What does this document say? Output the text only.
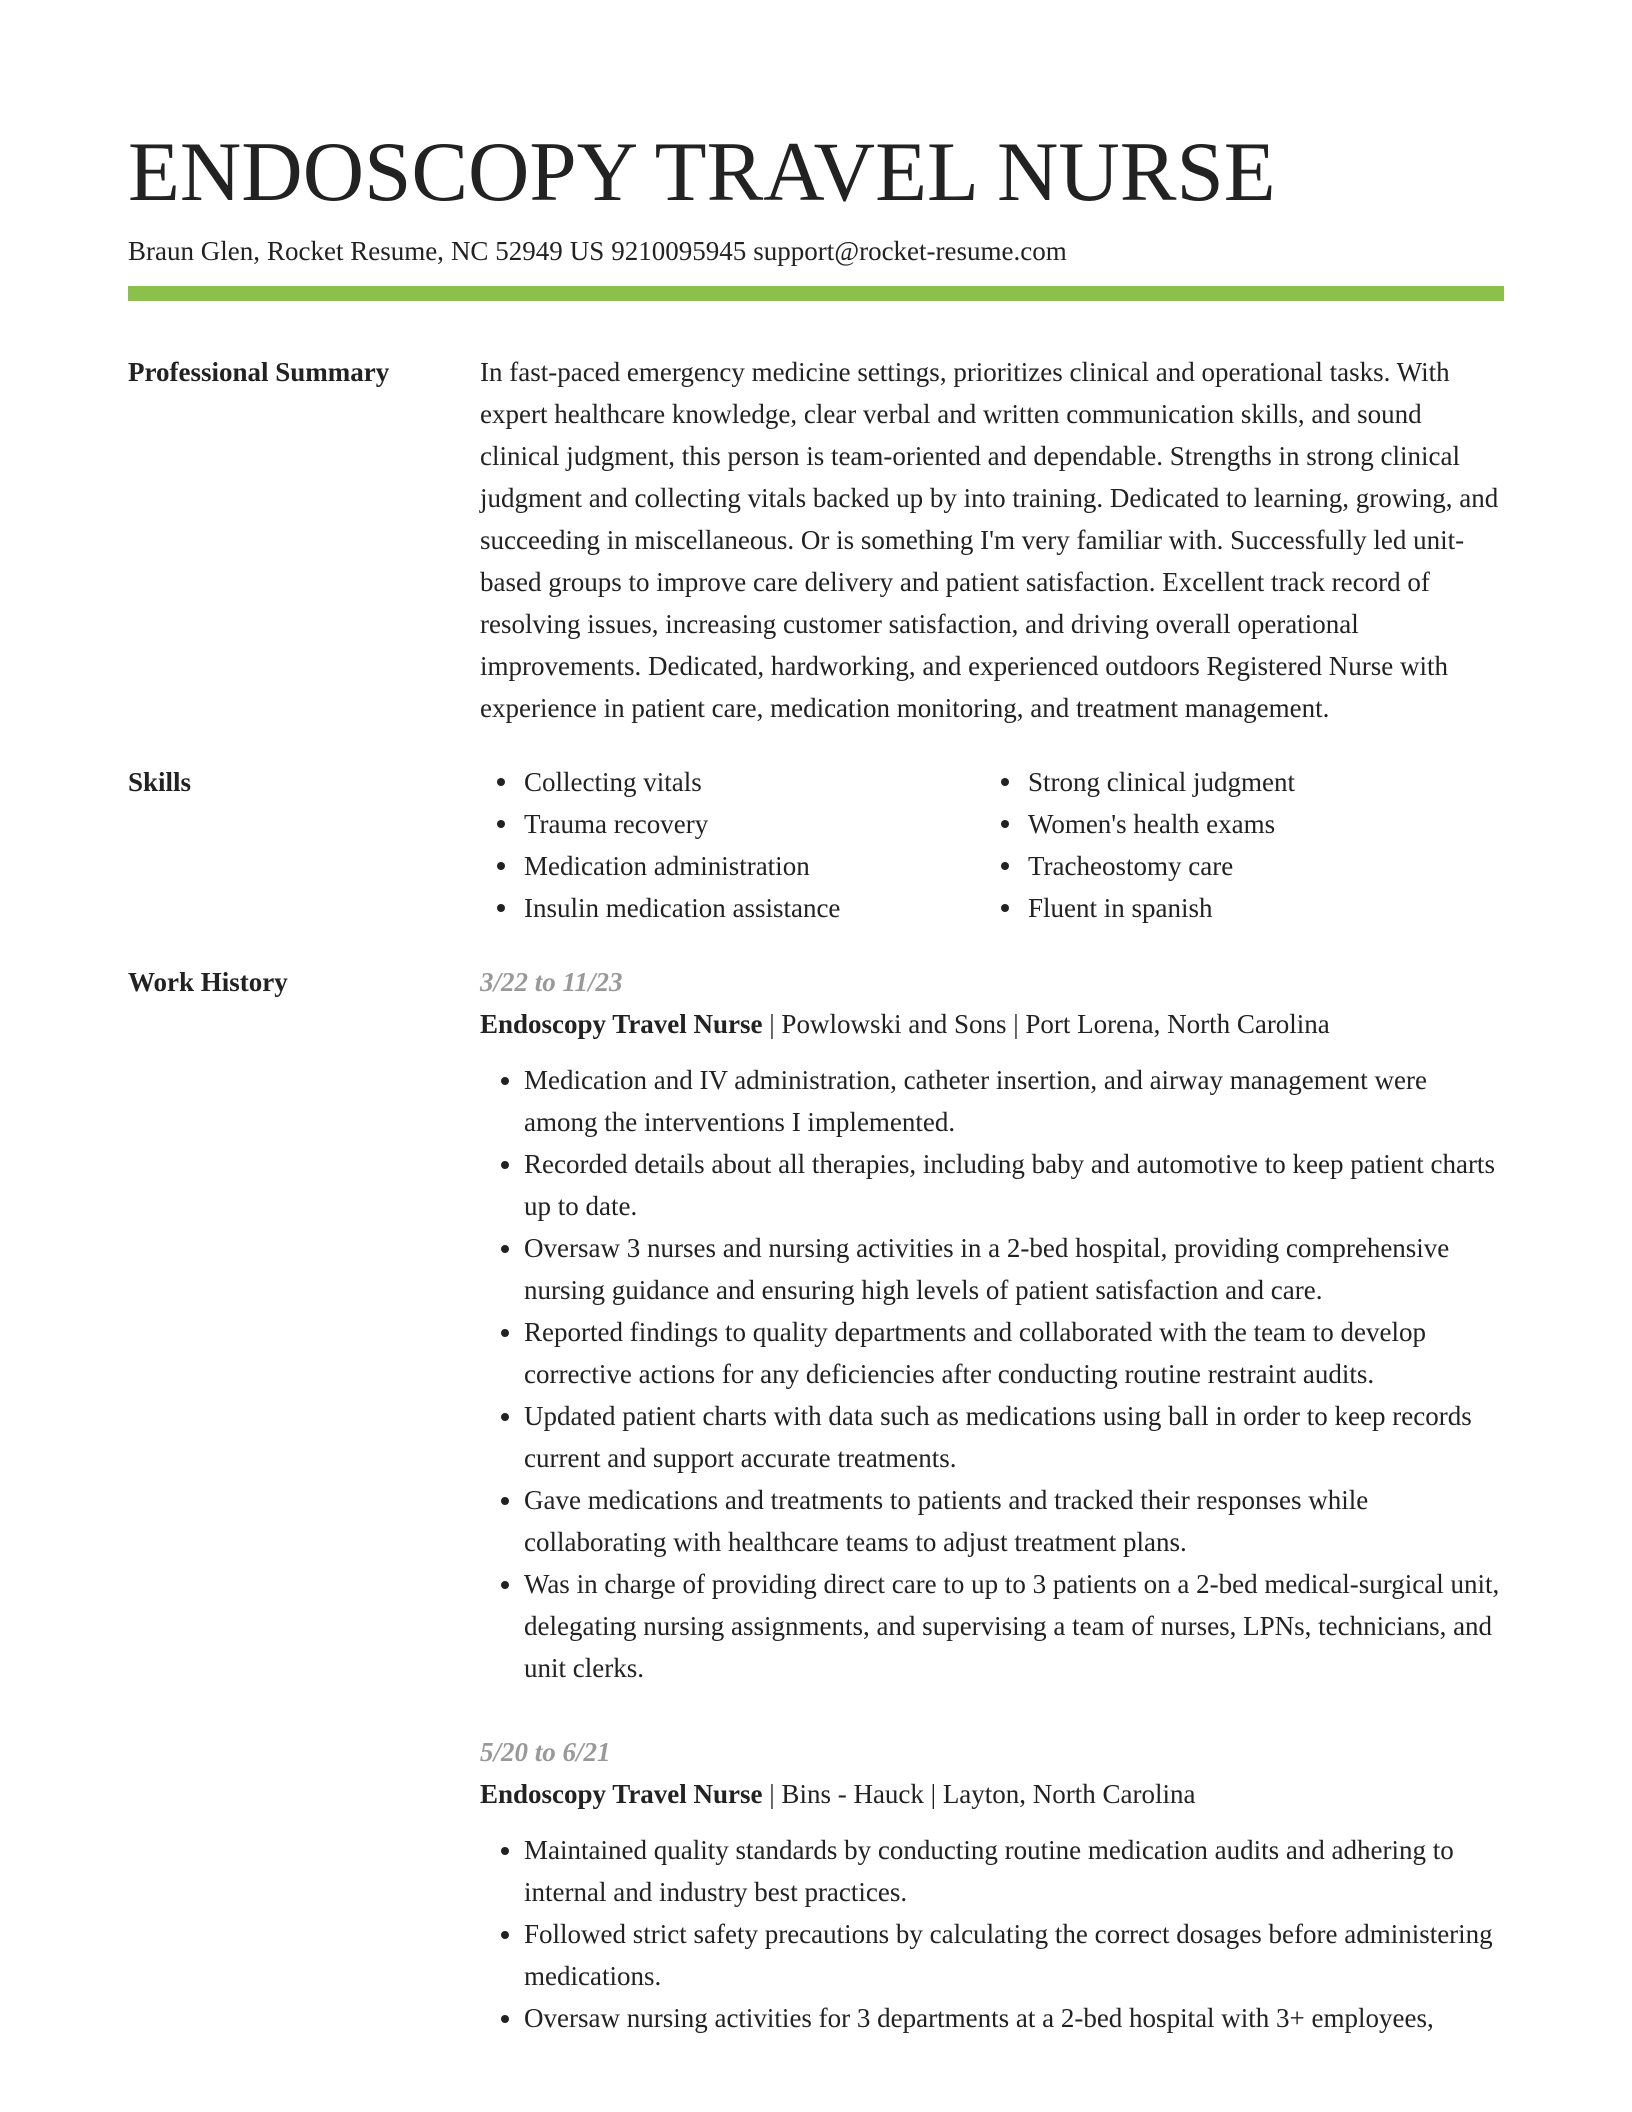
ENDOSCOPY TRAVEL NURSE
Braun Glen, Rocket Resume, NC 52949 US 9210095945 support@rocket-resume.com
Professional Summary	In fast-paced emergency medicine settings, prioritizes clinical and operational tasks. With expert healthcare knowledge, clear verbal and written communication skills, and sound clinical judgment, this person is team-oriented and dependable. Strengths in strong clinical judgment and collecting vitals backed up by into training. Dedicated to learning, growing, and succeeding in miscellaneous. Or is something I'm very familiar with. Successfully led unit-based groups to improve care delivery and patient satisfaction. Excellent track record of resolving issues, increasing customer satisfaction, and driving overall operational improvements. Dedicated, hardworking, and experienced outdoors Registered Nurse with experience in patient care, medication monitoring, and treatment management.

Skills	Collecting vitals	Strong clinical judgment
Trauma recovery	Women's health exams
Medication administration	Tracheostomy care
Insulin medication assistance	Fluent in spanish
Work History	3/22 to 11/23
Endoscopy Travel Nurse | Powlowski and Sons | Port Lorena, North Carolina
• Medication and IV administration, catheter insertion, and airway management were among the interventions I implemented.
• Recorded details about all therapies, including baby and automotive to keep patient charts up to date.
• Oversaw 3 nurses and nursing activities in a 2-bed hospital, providing comprehensive nursing guidance and ensuring high levels of patient satisfaction and care.
• Reported findings to quality departments and collaborated with the team to develop corrective actions for any deficiencies after conducting routine restraint audits.
• Updated patient charts with data such as medications using ball in order to keep records current and support accurate treatments.
• Gave medications and treatments to patients and tracked their responses while collaborating with healthcare teams to adjust treatment plans.
• Was in charge of providing direct care to up to 3 patients on a 2-bed medical-surgical unit, delegating nursing assignments, and supervising a team of nurses, LPNs, technicians, and unit clerks.
5/20 to 6/21
Endoscopy Travel Nurse | Bins - Hauck | Layton, North Carolina
• Maintained quality standards by conducting routine medication audits and adhering to internal and industry best practices.
• Followed strict safety precautions by calculating the correct dosages before administering medications.
• Oversaw nursing activities for 3 departments at a 2-bed hospital with 3+ employees,
